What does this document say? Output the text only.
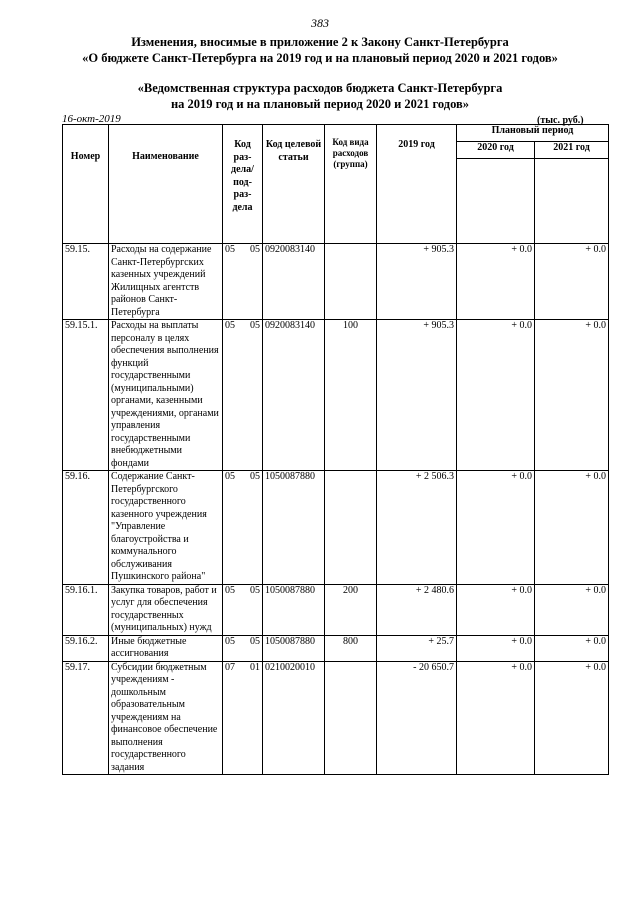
383
Изменения, вносимые в приложение 2 к Закону Санкт-Петербурга
«О бюджете Санкт-Петербурга на 2019 год и на плановый период 2020 и 2021 годов»
«Ведомственная структура расходов бюджета Санкт-Петербурга
на 2019 год и на плановый период 2020 и 2021 годов»
16-окт-2019	(тыс. руб.)
Номер	Наименование	Код раз-дела/ под-раз-дела	Код целевой статьи	Код вида расходов (группа)	2019 год	Плановый период	
						2020 год	2021 год

59.15.	Расходы на содержание Санкт-Петербургских казенных учреждений Жилищных агентств районов Санкт-Петербурга	05 05	0920083140		+ 905.3	+ 0.0	+ 0.0
59.15.1.	Расходы на выплаты персоналу в целях обеспечения выполнения функций государственными (муниципальными) органами, казенными учреждениями, органами управления государственными внебюджетными фондами	05 05	0920083140	100	+ 905.3	+ 0.0	+ 0.0
59.16.	Содержание Санкт-Петербургского государственного казенного учреждения "Управление благоустройства и коммунального обслуживания Пушкинского района"	05 05	1050087880		+ 2 506.3	+ 0.0	+ 0.0
59.16.1.	Закупка товаров, работ и услуг для обеспечения государственных (муниципальных) нужд	05 05	1050087880	200	+ 2 480.6	+ 0.0	+ 0.0
59.16.2.	Иные бюджетные ассигнования	05 05	1050087880	800	+ 25.7	+ 0.0	+ 0.0
59.17.	Субсидии бюджетным учреждениям - дошкольным образовательным учреждениям на финансовое обеспечение выполнения государственного задания	07 01	0210020010		- 20 650.7	+ 0.0	+ 0.0
